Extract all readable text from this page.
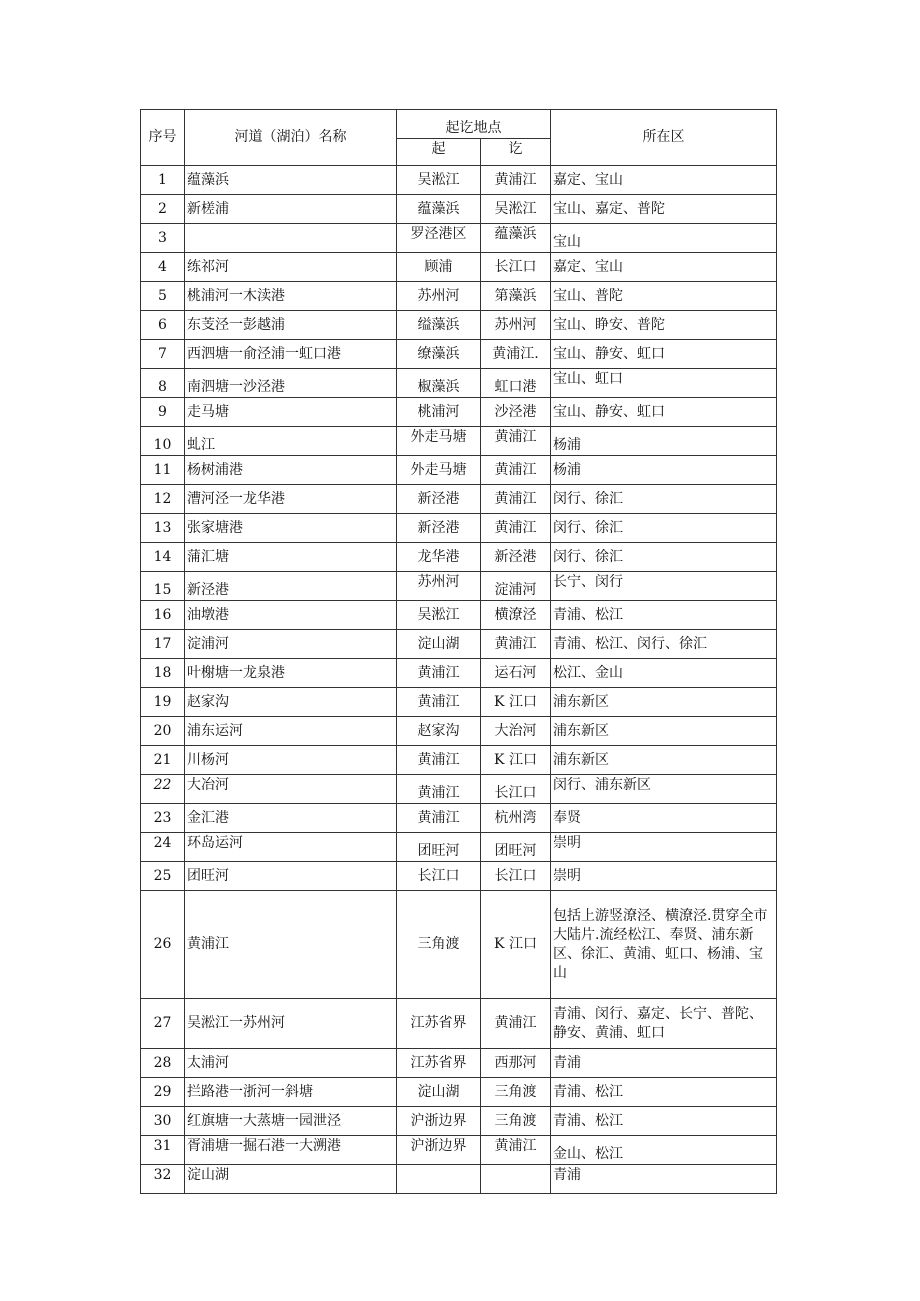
序号	河道（湖泊）名称	起讫地点		所在区
		起	讫	
1	蕴藻浜	吴淞江	黄浦江	嘉定、宝山
2	新槎浦	蕴藻浜	吴淞江	宝山、嘉定、普陀
3		罗泾港区	蕴藻浜	宝山
4	练祁河	顾浦	长江口	嘉定、宝山
5	桃浦河一木渎港	苏州河	第藻浜	宝山、普陀
6	东芰泾一彭越浦	缢藻浜	苏州河	宝山、睁安、普陀
7	西泗塘一俞泾浦一虹口港	缭藻浜	黄浦江.	宝山、静安、虹口
8	南泗塘一沙泾港	椒藻浜	虹口港	宝山、虹口
9	走马塘	桃浦河	沙泾港	宝山、静安、虹口
10	虬江	外走马塘	黄浦江	杨浦
11	杨树浦港	外走马塘	黄浦江	杨浦
12	漕河泾一龙华港	新泾港	黄浦江	闵行、徐汇
13	张家塘港	新泾港	黄浦江	闵行、徐汇
14	蒲汇塘	龙华港	新泾港	闵行、徐汇
15	新泾港	苏州河	淀浦河	长宁、闵行
16	油墩港	吴淞江	横潦泾	青浦、松江
17	淀浦河	淀山湖	黄浦江	青浦、松江、闵行、徐汇
18	叶榭塘一龙泉港	黄浦江	运石河	松江、金山
19	赵家沟	黄浦江	K 江口	浦东新区
20	浦东运河	赵家沟	大治河	浦东新区
21	川杨河	黄浦江	K 江口	浦东新区
22	大冶河	黄浦江	长江口	闵行、浦东新区
23	金汇港	黄浦江	杭州湾	奉贤
24	环岛运河	团旺河	团旺河	崇明
25	团旺河	长江口	长江口	崇明
26	黄浦江	三角渡	K 江口	包括上游竖潦泾、横潦泾.贯穿全市大陆片.流经松江、奉贤、浦东新区、徐汇、黄浦、虹口、杨浦、宝山
27	吴淞江一苏州河	江苏省界	黄浦江	青浦、闵行、嘉定、长宁、普陀、静安、黄浦、虹口
28	太浦河	江苏省界	西那河	青浦
29	拦路港一浙河一斜塘	淀山湖	三角渡	青浦、松江
30	红旗塘一大蒸塘一园泄泾	沪浙边界	三角渡	青浦、松江
31	胥浦塘一掘石港一大溯港	沪浙边界	黄浦江	金山、松江
32	淀山湖			青浦
